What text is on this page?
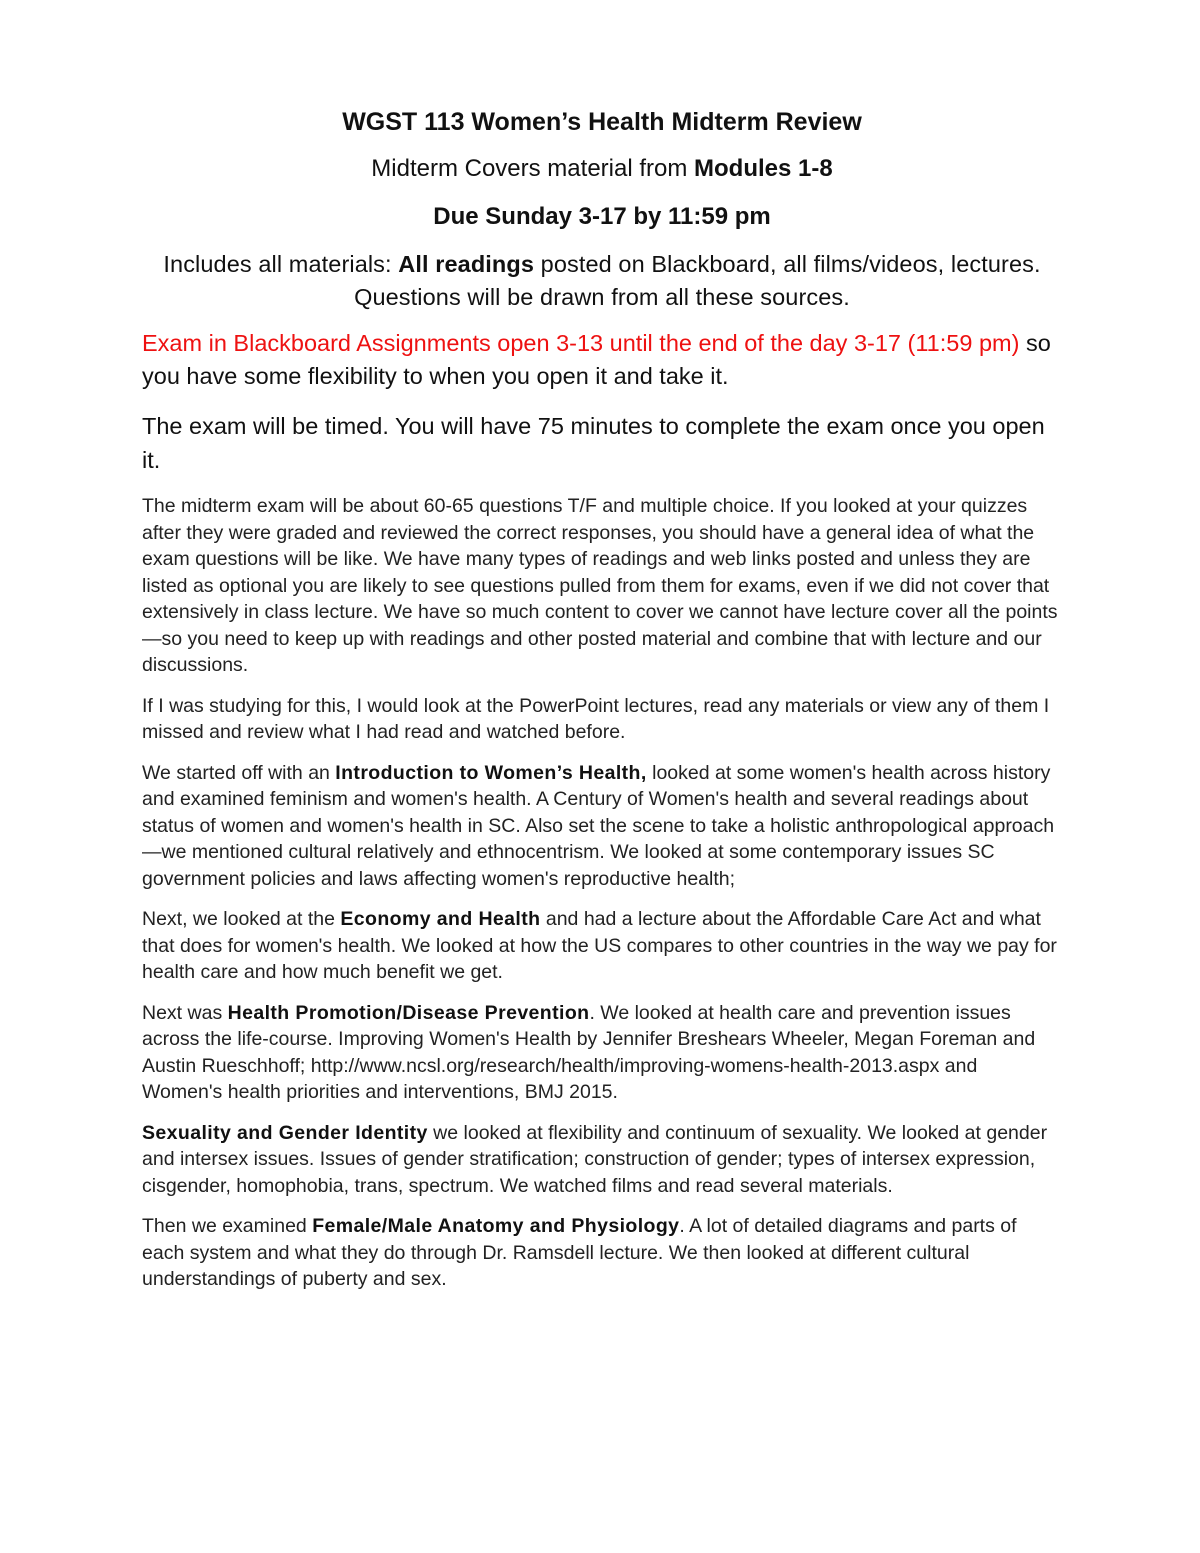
WGST 113 Women’s Health Midterm Review

Midterm Covers material from Modules 1-8

Due Sunday 3-17 by 11:59 pm

Includes all materials: All readings posted on Blackboard, all films/videos, lectures. Questions will be drawn from all these sources.

Exam in Blackboard Assignments open 3-13 until the end of the day 3-17 (11:59 pm) so you have some flexibility to when you open it and take it.

The exam will be timed. You will have 75 minutes to complete the exam once you open it.

The midterm exam will be about 60-65 questions T/F and multiple choice. If you looked at your quizzes after they were graded and reviewed the correct responses, you should have a general idea of what the exam questions will be like. We have many types of readings and web links posted and unless they are listed as optional you are likely to see questions pulled from them for exams, even if we did not cover that extensively in class lecture. We have so much content to cover we cannot have lecture cover all the points—so you need to keep up with readings and other posted material and combine that with lecture and our discussions.

If I was studying for this, I would look at the PowerPoint lectures, read any materials or view any of them I missed and review what I had read and watched before.

We started off with an Introduction to Women’s Health, looked at some women's health across history and examined feminism and women's health. A Century of Women's health and several readings about status of women and women's health in SC. Also set the scene to take a holistic anthropological approach—we mentioned cultural relatively and ethnocentrism. We looked at some contemporary issues SC government policies and laws affecting women's reproductive health;

Next, we looked at the Economy and Health and had a lecture about the Affordable Care Act and what that does for women's health. We looked at how the US compares to other countries in the way we pay for health care and how much benefit we get.

Next was Health Promotion/Disease Prevention. We looked at health care and prevention issues across the life-course. Improving Women's Health by Jennifer Breshears Wheeler, Megan Foreman and Austin Rueschhoff; http://www.ncsl.org/research/health/improving-womens-health-2013.aspx and Women's health priorities and interventions, BMJ 2015.

Sexuality and Gender Identity we looked at flexibility and continuum of sexuality. We looked at gender and intersex issues. Issues of gender stratification; construction of gender; types of intersex expression, cisgender, homophobia, trans, spectrum. We watched films and read several materials.

Then we examined Female/Male Anatomy and Physiology. A lot of detailed diagrams and parts of each system and what they do through Dr. Ramsdell lecture. We then looked at different cultural understandings of puberty and sex.
